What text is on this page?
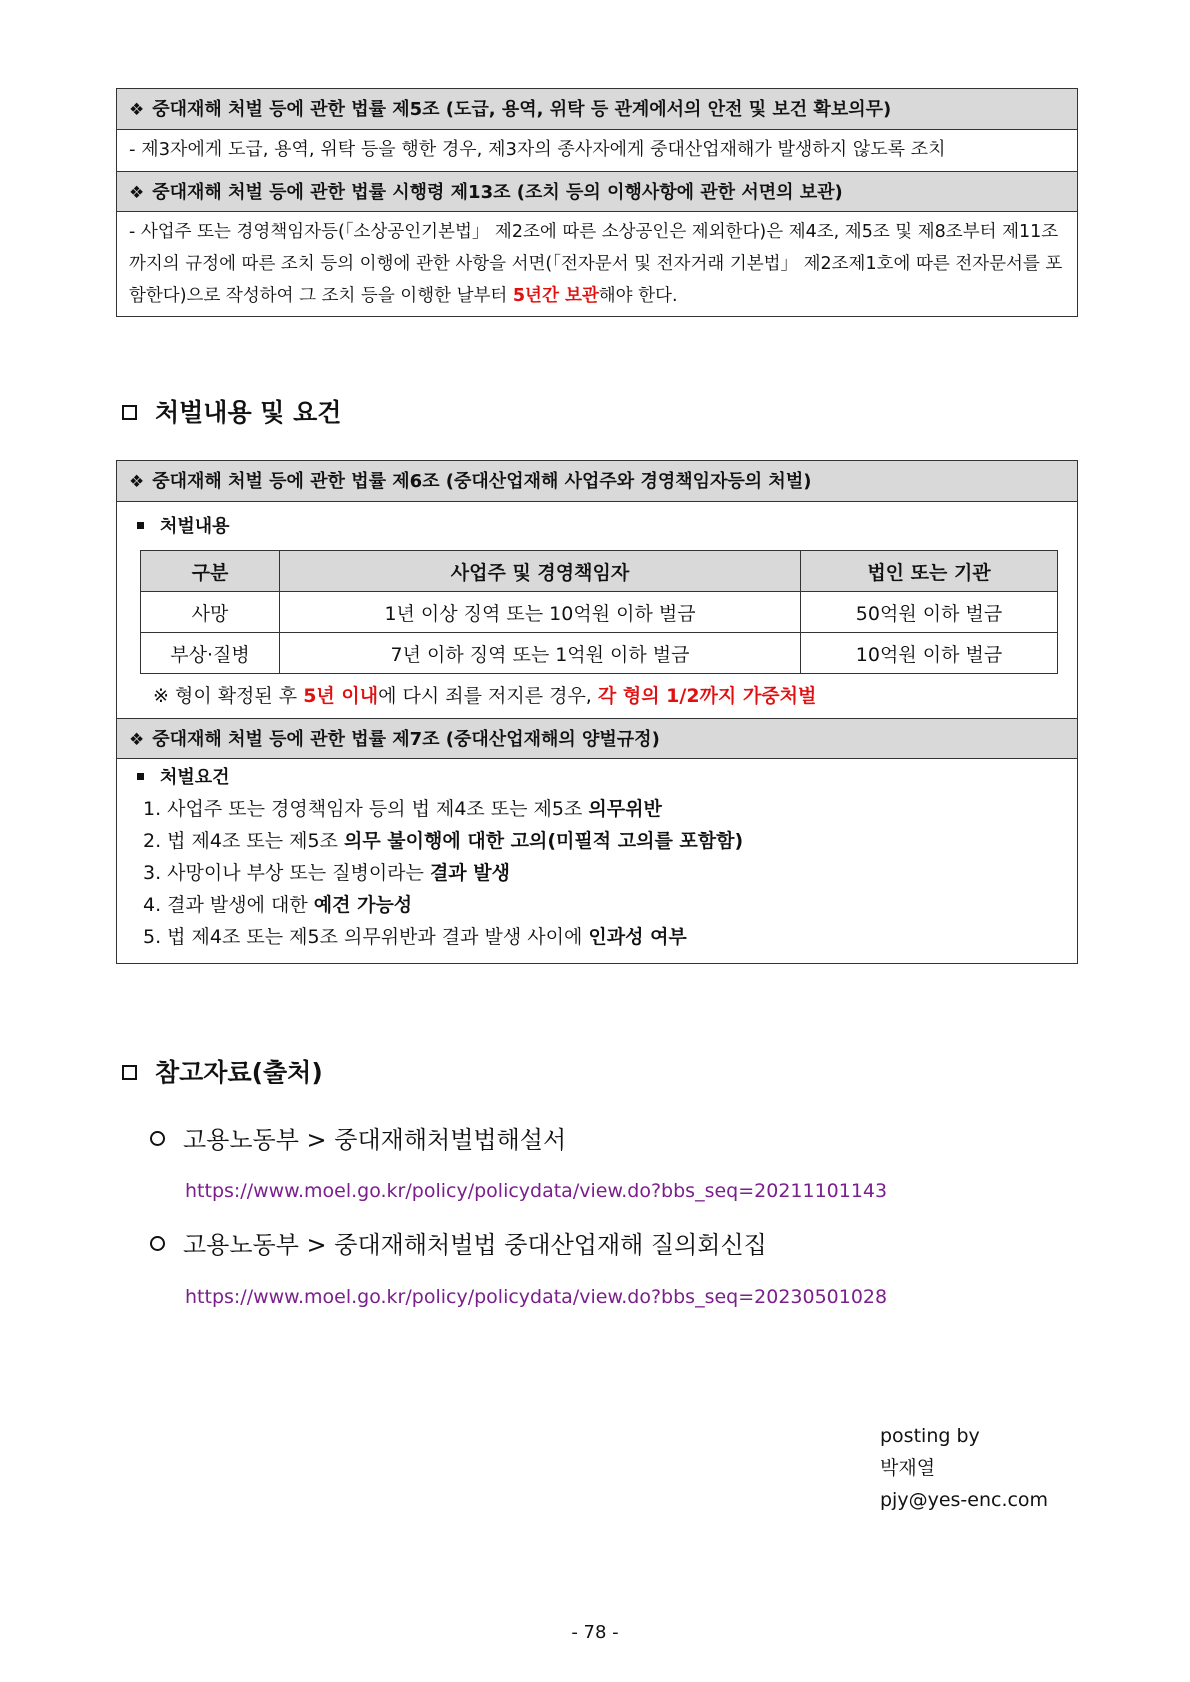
❖ 중대재해 처벌 등에 관한 법률 제5조 (도급, 용역, 위탁 등 관계에서의 안전 및 보건 확보의무)
- 제3자에게 도급, 용역, 위탁 등을 행한 경우, 제3자의 종사자에게 중대산업재해가 발생하지 않도록 조치
❖ 중대재해 처벌 등에 관한 법률 시행령 제13조 (조치 등의 이행사항에 관한 서면의 보관)
- 사업주 또는 경영책임자등(「소상공인기본법」 제2조에 따른 소상공인은 제외한다)은 제4조, 제5조 및 제8조부터 제11조까지의 규정에 따른 조치 등의 이행에 관한 사항을 서면(「전자문서 및 전자거래 기본법」 제2조제1호에 따른 전자문서를 포함한다)으로 작성하여 그 조치 등을 이행한 날부터 5년간 보관해야 한다.
처벌내용 및 요건
❖ 중대재해 처벌 등에 관한 법률 제6조 (중대산업재해 사업주와 경영책임자등의 처벌)
처벌내용
구분	사업주 및 경영책임자	법인 또는 기관
사망	1년 이상 징역 또는 10억원 이하 벌금	50억원 이하 벌금
부상·질병	7년 이하 징역 또는 1억원 이하 벌금	10억원 이하 벌금
※ 형이 확정된 후 5년 이내에 다시 죄를 저지른 경우, 각 형의 1/2까지 가중처벌
❖ 중대재해 처벌 등에 관한 법률 제7조 (중대산업재해의 양벌규정)
처벌요건
1. 사업주 또는 경영책임자 등의 법 제4조 또는 제5조 의무위반
2. 법 제4조 또는 제5조 의무 불이행에 대한 고의(미필적 고의를 포함함)
3. 사망이나 부상 또는 질병이라는 결과 발생
4. 결과 발생에 대한 예견 가능성
5. 법 제4조 또는 제5조 의무위반과 결과 발생 사이에 인과성 여부
참고자료(출처)
고용노동부 > 중대재해처벌법해설서
https://www.moel.go.kr/policy/policydata/view.do?bbs_seq=20211101143
고용노동부 > 중대재해처벌법 중대산업재해 질의회신집
https://www.moel.go.kr/policy/policydata/view.do?bbs_seq=20230501028
posting by
박재열
pjy@yes-enc.com
- 78 -
